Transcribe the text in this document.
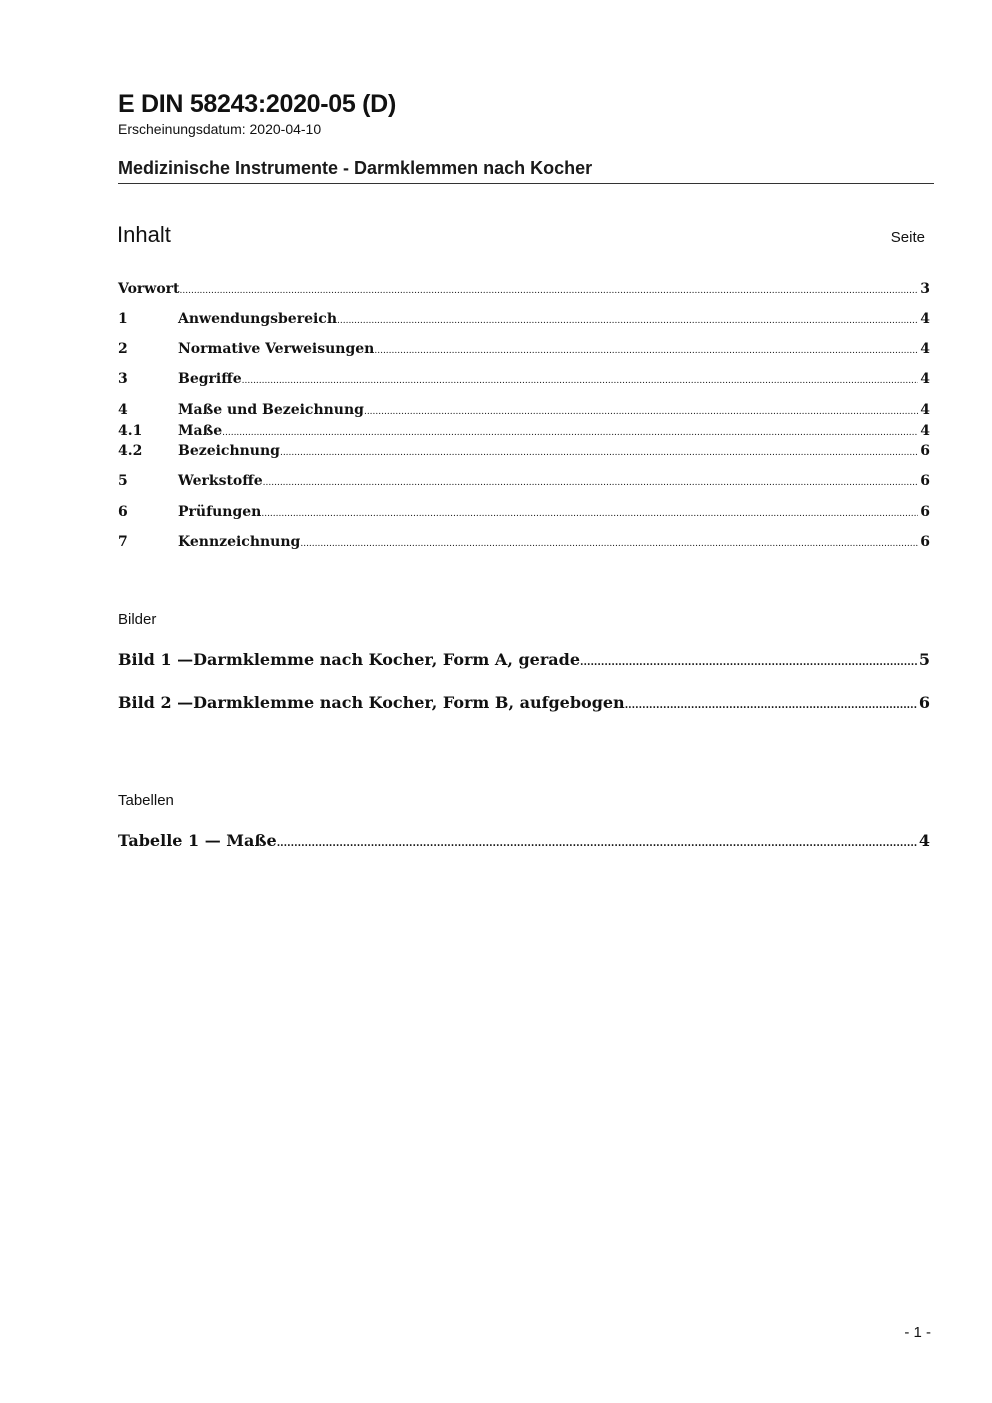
E DIN 58243:2020-05 (D)
Erscheinungsdatum: 2020-04-10
Medizinische Instrumente - Darmklemmen nach Kocher
Inhalt	Seite
Vorwort .....	3
1	Anwendungsbereich .....	4
2	Normative Verweisungen .....	4
3	Begriffe .....	4
4	Maße und Bezeichnung .....	4
4.1	Maße .....	4
4.2	Bezeichnung .....	6
5	Werkstoffe .....	6
6	Prüfungen .....	6
7	Kennzeichnung .....	6
Bilder
Bild 1 —Darmklemme nach Kocher, Form A, gerade .....	5
Bild 2 —Darmklemme nach Kocher, Form B, aufgebogen .....	6
Tabellen
Tabelle 1 — Maße .....	4
- 1 -
